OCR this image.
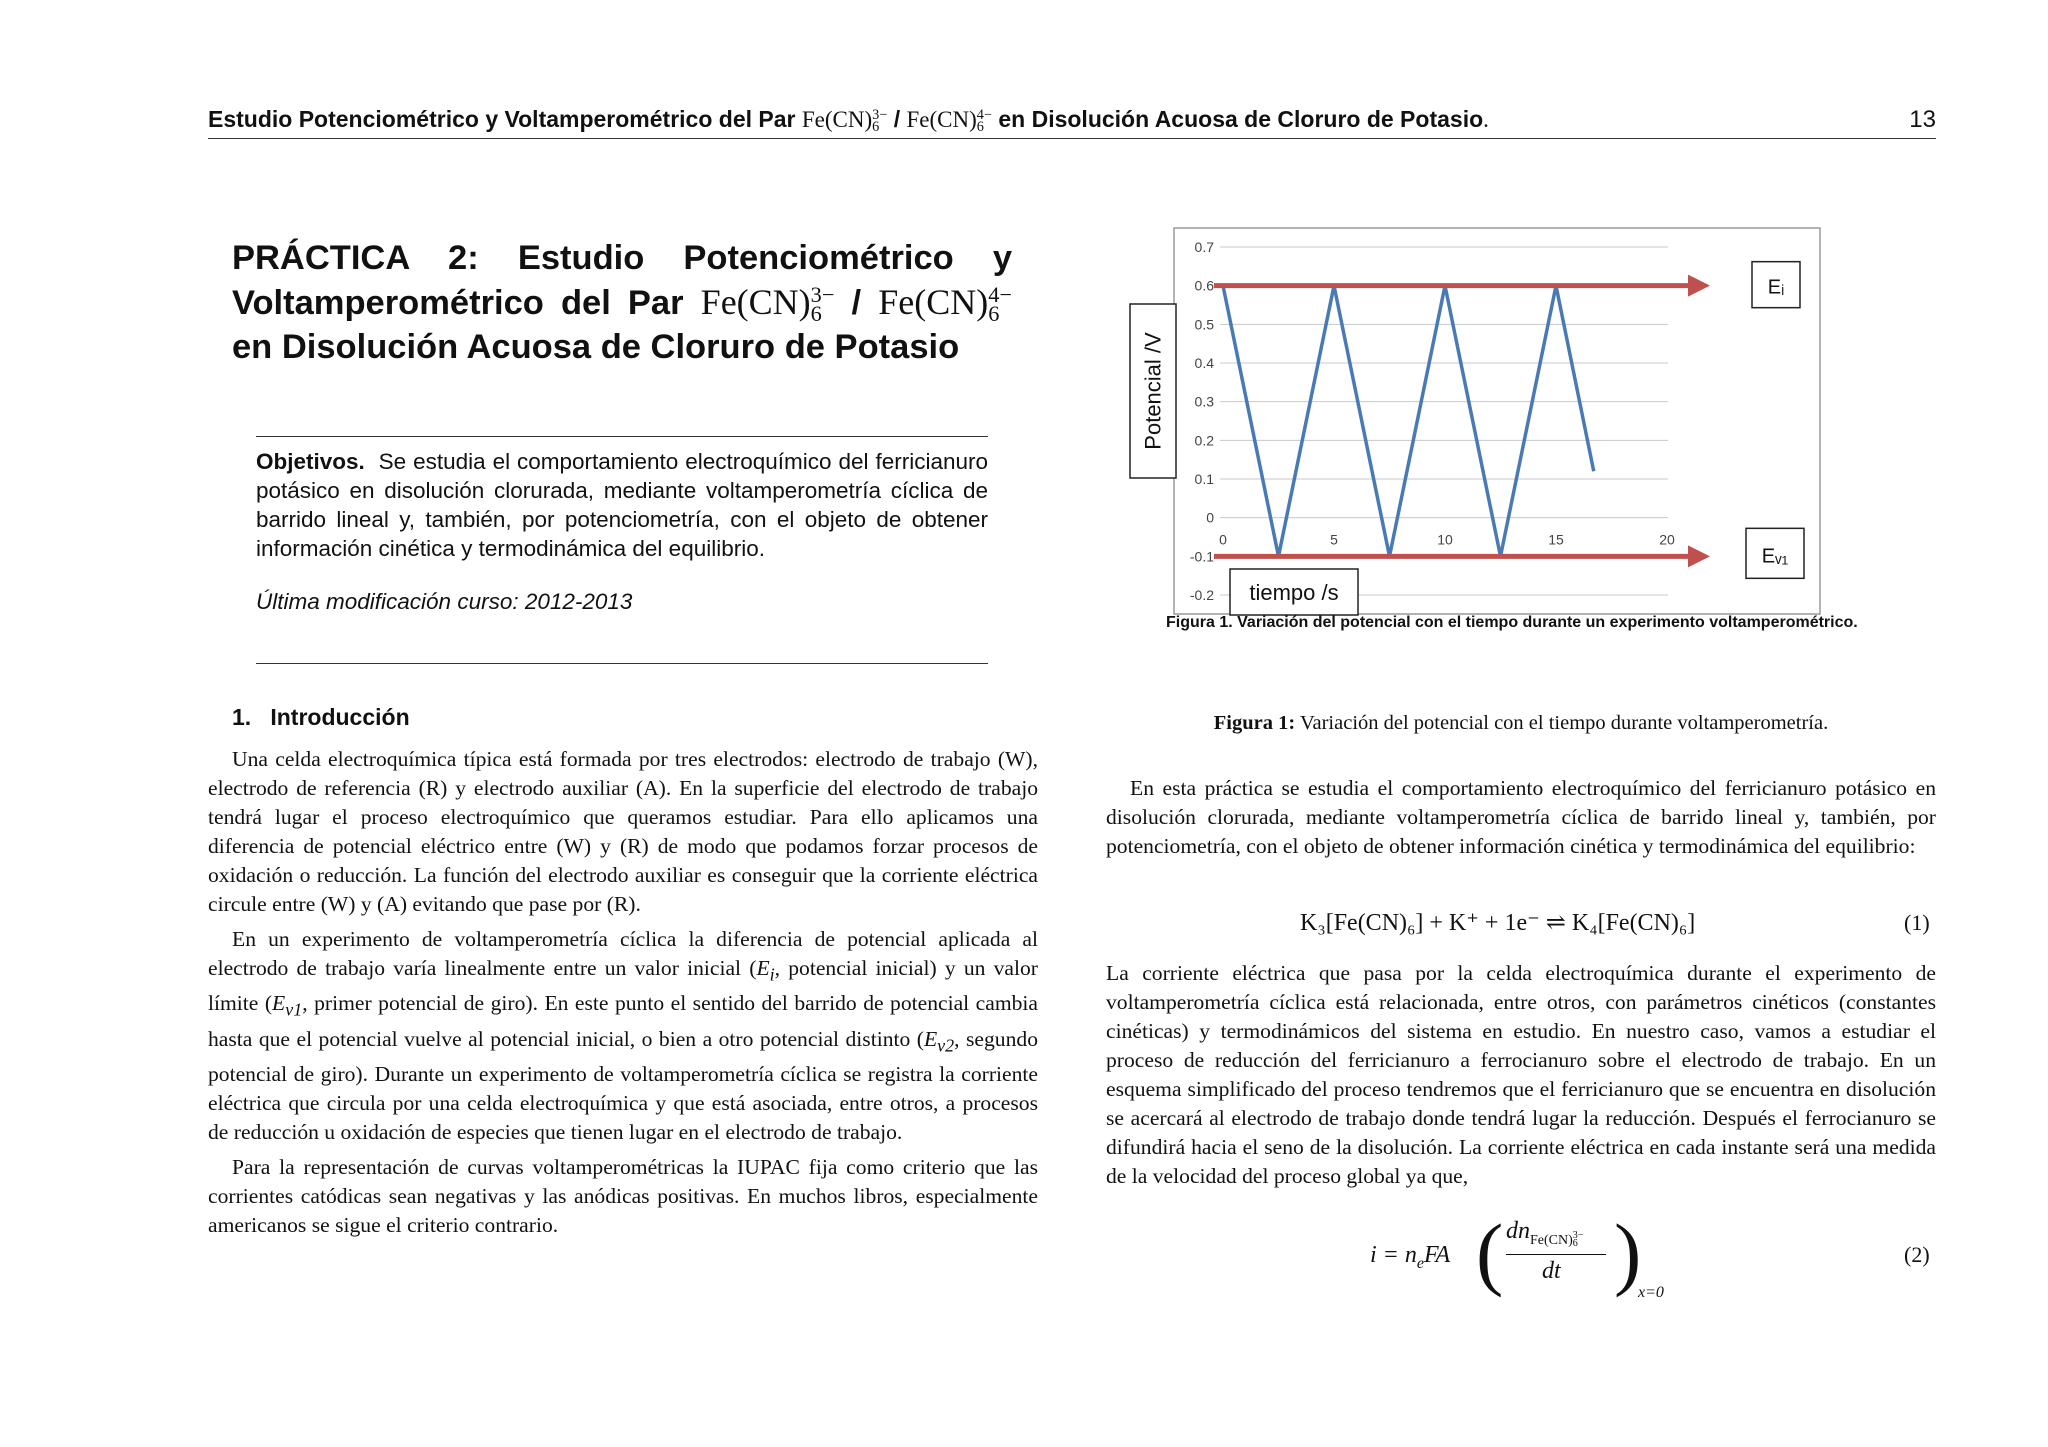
Estudio Potenciométrico y Voltamperométrico del Par Fe(CN) 3−
6 / Fe(CN) 4−
6 en Disolución Acuosa de Cloruro de Potasio.	13
PRÁCTICA 2: Estudio Potenciométrico y Voltamperométrico del Par Fe(CN) 3−
6 / Fe(CN) 4−
6
en Disolución Acuosa de Cloruro de Potasio
Objetivos. Se estudia el comportamiento electroquímico del ferricianuro potásico en disolución clorurada, mediante voltamperometría cíclica de barrido lineal y, también, por potenciometría, con el objeto de obtener información cinética y termodinámica del equilibrio.
Última modificación curso: 2012-2013
1.   Introducción

Una celda electroquímica típica está formada por tres electrodos: electrodo de trabajo (W), electrodo de referencia (R) y electrodo auxiliar (A). En la superficie del electrodo de trabajo tendrá lugar el proceso electroquímico que queramos estudiar. Para ello aplicamos una diferencia de potencial eléctrico entre (W) y (R) de modo que podamos forzar procesos de oxidación o reducción. La función del electrodo auxiliar es conseguir que la corriente eléctrica circule entre (W) y (A) evitando que pase por (R).

En un experimento de voltamperometría cíclica la diferencia de potencial aplicada al electrodo de trabajo varía linealmente entre un valor inicial ($E_i$, potencial inicial) y un valor límite ($E_{v1}$, primer potencial de giro). En este punto el sentido del barrido de potencial cambia hasta que el potencial vuelve al potencial inicial, o bien a otro potencial distinto ($E_{v2}$, segundo potencial de giro). Durante un experimento de voltamperometría cíclica se registra la corriente eléctrica que circula por una celda electroquímica y que está asociada, entre otros, a procesos de reducción u oxidación de especies que tienen lugar en el electrodo de trabajo.

Para la representación de curvas voltamperométricas la IUPAC fija como criterio que las corrientes catódicas sean negativas y las anódicas positivas. En muchos libros, especialmente americanos se sigue el criterio contrario.

-0.2
-0.1
0
0.1
0.2
0.3
0.4
0.5
0.6
0.7
0	5	10	15	20
Eᵢ
Eᵥ₁
Potencial /V
tiempo /s
Figura 1. Variación del potencial con el tiempo durante un experimento voltamperométrico.
Figura 1: Variación del potencial con el tiempo durante voltamperometría.

En esta práctica se estudia el comportamiento electroquímico del ferricianuro potásico en disolución clorurada, mediante voltamperometría cíclica de barrido lineal y, también, por potenciometría, con el objeto de obtener información cinética y termodinámica del equilibrio:

K₃[Fe(CN)₆] + K⁺ + 1e⁻ ⇌ K₄[Fe(CN)₆]	(1)

La corriente eléctrica que pasa por la celda electroquímica durante el experimento de voltamperometría cíclica está relacionada, entre otros, con parámetros cinéticos (constantes cinéticas) y termodinámicos del sistema en estudio. En nuestro caso, vamos a estudiar el proceso de reducción del ferricianuro a ferrocianuro sobre el electrodo de trabajo. En un esquema simplificado del proceso tendremos que el ferricianuro que se encuentra en disolución se acercará al electrodo de trabajo donde tendrá lugar la reducción. Después el ferrocianuro se difundirá hacia el seno de la disolución. La corriente eléctrica en cada instante será una medida de la velocidad del proceso global ya que,

$i = n_eFA$ ( $dn_{Fe(CN) 3- 6}$
dt )
x=0
(2)
